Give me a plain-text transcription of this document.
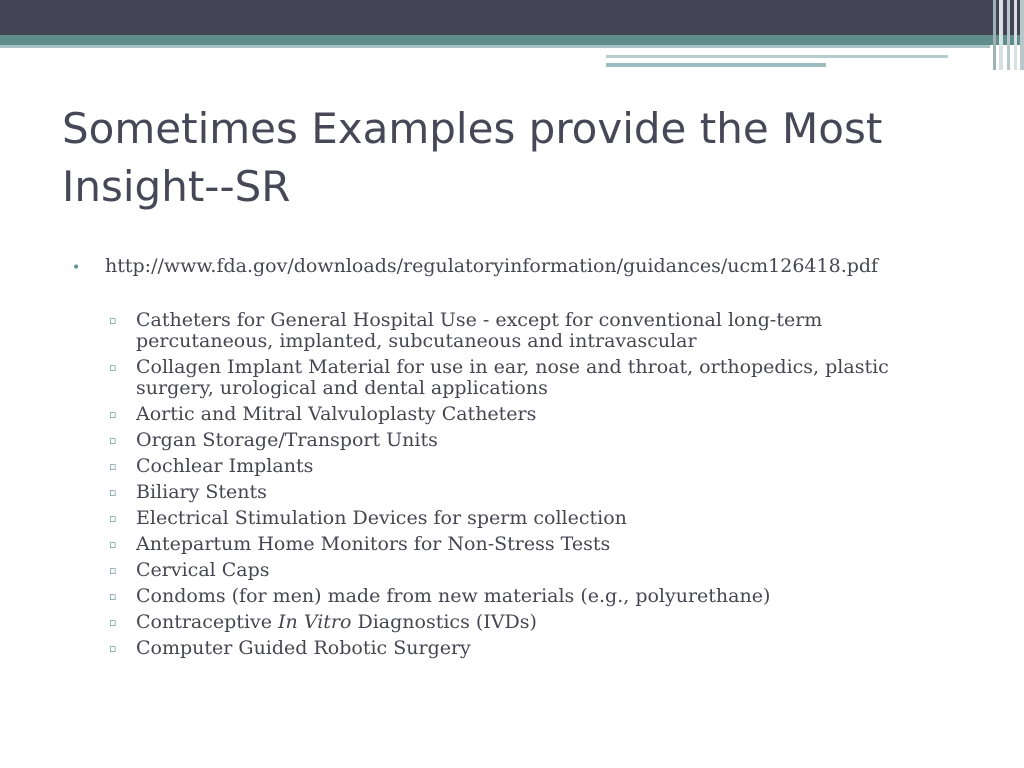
Sometimes Examples provide the Most Insight--SR
• http://www.fda.gov/downloads/regulatoryinformation/guidances/ucm126418.pdf
▫ Catheters for General Hospital Use - except for conventional long-term percutaneous, implanted, subcutaneous and intravascular
▫ Collagen Implant Material for use in ear, nose and throat, orthopedics, plastic surgery, urological and dental applications
▫ Aortic and Mitral Valvuloplasty Catheters
▫ Organ Storage/Transport Units
▫ Cochlear Implants
▫ Biliary Stents
▫ Electrical Stimulation Devices for sperm collection
▫ Antepartum Home Monitors for Non-Stress Tests
▫ Cervical Caps
▫ Condoms (for men) made from new materials (e.g., polyurethane)
▫ Contraceptive In Vitro Diagnostics (IVDs)
▫ Computer Guided Robotic Surgery
